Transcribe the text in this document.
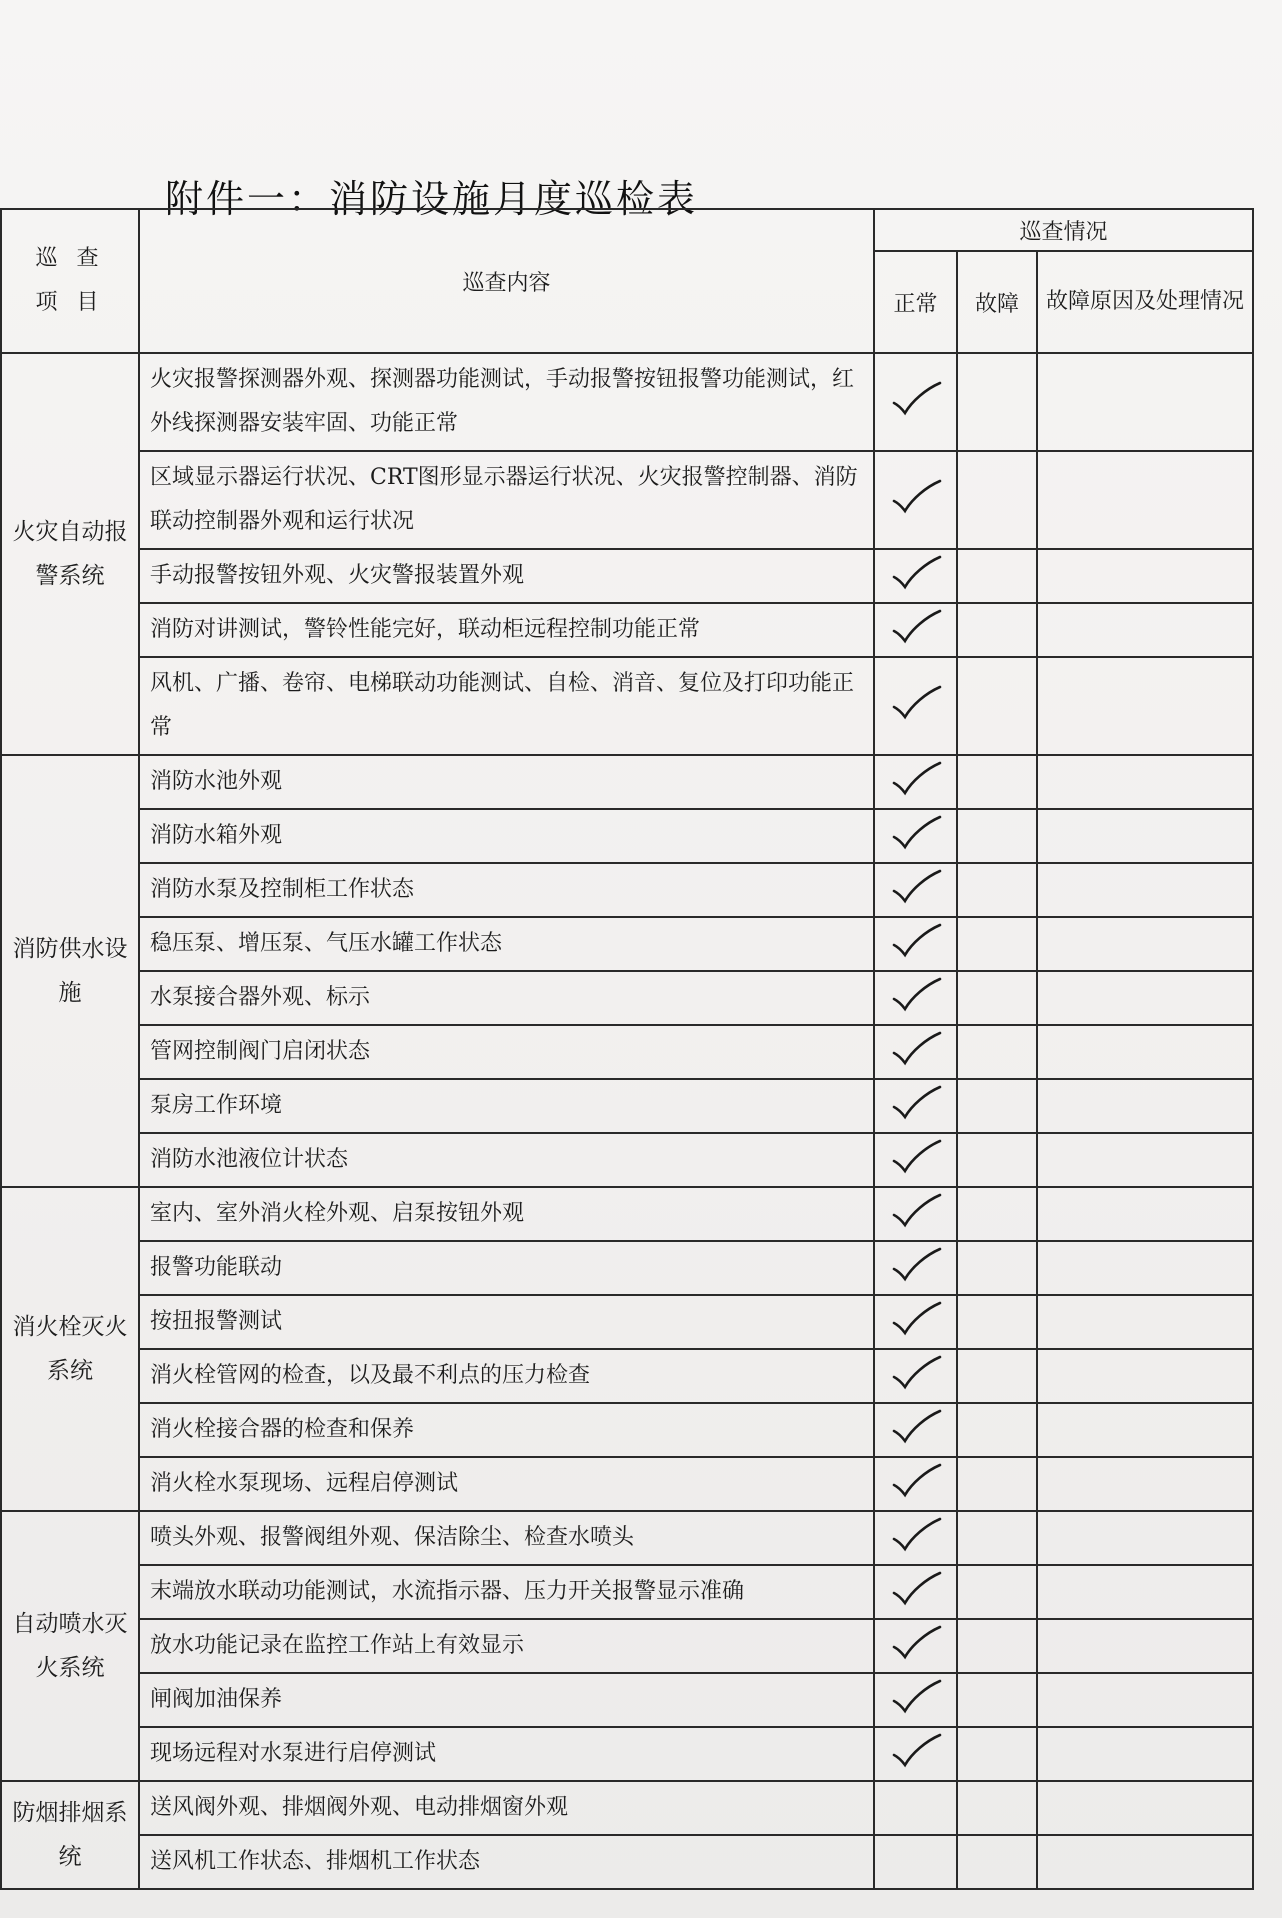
附件一：消防设施月度巡检表
巡 查
项 目	巡查内容	巡查情况		
		正常	故障	故障原因及处理情况
火灾自动报警系统	火灾报警探测器外观、探测器功能测试，手动报警按钮报警功能测试，红外线探测器安装牢固、功能正常			
	区域显示器运行状况、CRT图形显示器运行状况、火灾报警控制器、消防联动控制器外观和运行状况			
	手动报警按钮外观、火灾警报装置外观			
	消防对讲测试，警铃性能完好，联动柜远程控制功能正常			
	风机、广播、卷帘、电梯联动功能测试、自检、消音、复位及打印功能正常			
消防供水设施	消防水池外观			
	消防水箱外观			
	消防水泵及控制柜工作状态			
	稳压泵、增压泵、气压水罐工作状态			
	水泵接合器外观、标示			
	管网控制阀门启闭状态			
	泵房工作环境			
	消防水池液位计状态			
消火栓灭火系统	室内、室外消火栓外观、启泵按钮外观			
	报警功能联动			
	按扭报警测试			
	消火栓管网的检查，以及最不利点的压力检查			
	消火栓接合器的检查和保养			
	消火栓水泵现场、远程启停测试			
自动喷水灭火系统	喷头外观、报警阀组外观、保洁除尘、检查水喷头			
	末端放水联动功能测试，水流指示器、压力开关报警显示准确			
	放水功能记录在监控工作站上有效显示			
	闸阀加油保养			
	现场远程对水泵进行启停测试			
防烟排烟系 统	送风阀外观、排烟阀外观、电动排烟窗外观			
	送风机工作状态、排烟机工作状态			
